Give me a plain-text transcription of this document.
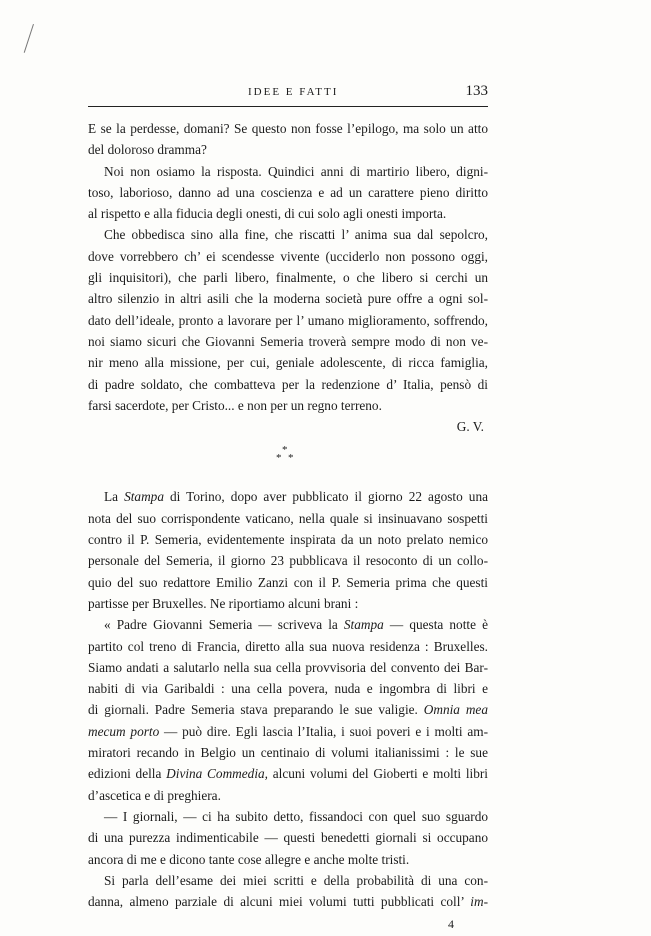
IDEE E FATTI	133
E se la perdesse, domani? Se questo non fosse l’epilogo, ma solo un atto
del doloroso dramma?
Noi non osiamo la risposta. Quindici anni di martirio libero, digni-
toso, laborioso, danno ad una coscienza e ad un carattere pieno diritto
al rispetto e alla fiducia degli onesti, di cui solo agli onesti importa.
Che obbedisca sino alla fine, che riscatti l’ anima sua dal sepolcro,
dove vorrebbero ch’ ei scendesse vivente (ucciderlo non possono oggi,
gli inquisitori), che parli libero, finalmente, o che libero si cerchi un
altro silenzio in altri asili che la moderna società pure offre a ogni sol-
dato dell’ideale, pronto a lavorare per l’ umano miglioramento, soffrendo,
noi siamo sicuri che Giovanni Semeria troverà sempre modo di non ve-
nir meno alla missione, per cui, geniale adolescente, di ricca famiglia,
di padre soldato, che combatteva per la redenzione d’ Italia, pensò di
farsi sacerdote, per Cristo... e non per un regno terreno.
G. V.
*
* *
La Stampa di Torino, dopo aver pubblicato il giorno 22 agosto una
nota del suo corrispondente vaticano, nella quale si insinuavano sospetti
contro il P. Semeria, evidentemente inspirata da un noto prelato nemico
personale del Semeria, il giorno 23 pubblicava il resoconto di un collo-
quio del suo redattore Emilio Zanzi con il P. Semeria prima che questi
partisse per Bruxelles. Ne riportiamo alcuni brani :
« Padre Giovanni Semeria — scriveva la Stampa — questa notte è
partito col treno di Francia, diretto alla sua nuova residenza : Bruxelles.
Siamo andati a salutarlo nella sua cella provvisoria del convento dei Bar-
nabiti di via Garibaldi : una cella povera, nuda e ingombra di libri e
di giornali. Padre Semeria stava preparando le sue valigie. Omnia mea
mecum porto — può dire. Egli lascia l’Italia, i suoi poveri e i molti am-
miratori recando in Belgio un centinaio di volumi italianissimi : le sue
edizioni della Divina Commedia, alcuni volumi del Gioberti e molti libri
d’ascetica e di preghiera.
— I giornali, — ci ha subito detto, fissandoci con quel suo sguardo
di una purezza indimenticabile — questi benedetti giornali si occupano
ancora di me e dicono tante cose allegre e anche molte tristi.
Si parla dell’esame dei miei scritti e della probabilità di una con-
danna, almeno parziale di alcuni miei volumi tutti pubblicati coll’ im-
4
